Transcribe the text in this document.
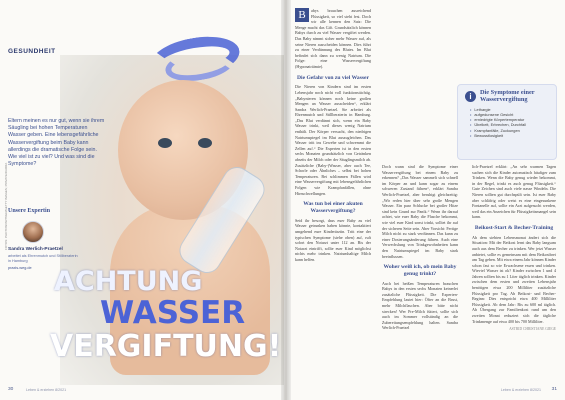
GESUNDHEIT

Eltern meinen es nur gut, wenn sie ihrem Säugling bei hohen Temperaturen Wasser geben. Eine lebensgefährliche Wasservergiftung beim Baby kann allerdings die dramatische Folge sein. Wie viel ist zu viel? Und was sind die Symptome?

Unsere Expertin
Sandra Werlich-Praetzel
arbeitet als Ehrenmutch und Stillberaterin in Hamburg
praxis-weg.de ACHTUNG
WASSER
VERGIFTUNG!
FOTOS: PHOTOSPARTNER/GETTY IMAGES; PRIVATE/DARRA
30	Leben & erziehen 8/2021
B	abys brauchen ausreichend Flüssigkeit, so viel steht fest. Doch wir alle kennen den Satz: Die Menge macht das Gift. Grundsätzlich können Babys durch zu viel Wasser vergiftet werden. Das Baby nimmt sicher mehr Wasser auf, als seine Nieren ausscheiden können. Dies führt zu einer Verdünnung des Blutes. Im Blut befindet sich dann zu wenig Natrium. Die Folge: eine Wasservergiftung (Hyponatriämie).
Die Gefahr von zu viel Wasser
Die Nieren von Kindern sind im ersten Lebensjahr noch nicht voll funktionstüchtig. „Babynieren können noch keine großen Mengen an Wasser ausscheiden“, erklärt Sandra Werlich-Praetzel. Sie arbeitet als Ehrenmutch und Stillberaterin in Hamburg. „Das Blut verdünnt sich, wenn ein Baby Wasser trinkt, weil dieses wenig Natrium enthält. Der Körper versucht, den niedrigen Natriumspiegel im Blut auszugleichen. Das Wasser tritt ins Gewebe und schwemmt die Zellen auf.“ Die Experten ist in den ersten sechs Monaten grundsätzlich von Getränken abseits der Milch oder der Säuglingsmilch ab. Zusätzliche (Baby-)Wasser, aber auch Tee, Schorle oder Ähnliches – selbst bei hohen Temperaturen. Bei schlimmen Fällen wird eine Wasservergiftung mit lebensgefährlichen Folgen wie Krampfanfällen, ohne Hirnschwellungen.
Was tun bei einer akuten Wasservergiftung?
Seid ihr besorgt, dass euer Baby zu viel Wasser getrunken haben könnte, kontaktiert umgehend eure Kinderärztin. Tritt eine der typischen Symptome (siehe oben) auf, ruft sofort den Notarzt unter 112 an. Bis der Notarzt eintrifft, sollte euer Kind möglichst nichts mehr trinken. Natriumhaltige Milch kann helfen.
Doch wann sind die Symptome einer Wasservergiftung bei einem Baby zu erkennen? „Das Wasser sammelt sich schnell im Körper an und kann sogar zu einem schweren Zustand führen“, erklärt Sandra Werlich-Praetzel, aber beruhigt gleichzeitig: „Wir reden hier über sehr große Mengen Wasser. Ein paar Schlucke bei großer Hitze sind kein Grund zur Panik.“ Wenn ihr darauf achtet, wie euer Baby die Flasche bekommt, wie viel euer Kind sonst trinkt, solltet ihr auf der sicheren Seite sein. Aber Vorsicht: Fertige Milch nicht zu stark verdünnen. Das kann zu einer Dosierungsänderung führen. Auch eine Verwechslung von Trinkgewohnheiten kann den Natriumspiegel im Baby stark beeinflussen.
Woher weiß ich, ob mein Baby genug trinkt?
Auch bei heißen Temperaturen brauchen Babys in den ersten sechs Monaten keinerlei zusätzliche Flüssigkeit. Die Experten-Empfehlung lautet hier: Öfter an die Brust, mehr Milchflaschen. Aber bitte nicht strecken! Wer Pre-Milch füttert, sollte sich auch im Sommer vollständig an die Zubereitungsempfehlung halten. Sandra Werlich-Praetzel
lich-Praetzel erklärt: „An sehr warmen Tagen suchen sich die Kinder automatisch häufiger zum Trinken. Wenn die Baby genug wieder bekommt, in der Regel, trinkt es auch genug Flüssigkeit.“ Gute Zeichen sind auch viele nasse Windeln. Die Nieren sollten gut durchspült sein. Ist euer Baby aber schläfrig oder weist es eine eingesunkene Fontanelle auf, sollte ein Arzt aufgesucht werden, weil das ein Anzeichen für Flüssigkeitsmangel sein kann.
Beikost-Start & Becher-Training
Ab dem siebten Lebensmonat ändert sich die Situation: Mit der Beikost lernt das Baby langsam auch aus dem Becher zu trinken. Wer jetzt Wasser anbietet, sollte es gemeinsam mit dem Beikostbrei am Tag geben. Mit etwa einem Jahr können Kinder schon fast so wie Erwachsene essen und trinken. Wieviel Wasser ist ok? Kinder zwischen 1 und 4 Jahren sollten bis zu 1 Liter täglich trinken. Kinder zwischen dem ersten und zweiten Lebensjahr benötigen etwa 200 Milliliter zusätzliche Flüssigkeit pro Tag. Ab Beikost- und Becher-Beginn: Dies entspricht etwa 400 Milliliter Flüssigkeit. Ab dem Jahr: Bis zu 600 ml täglich. Ab Übergang zur Familienkost rund um den zweiten Monat reduziert sich die tägliche Trinkmenge auf etwa 400 bis 700 Milliliter.
ASTRID CHRISTIANE GIEGE
i	Die Symptome einer Wasservergiftung
• Lethargie
• aufgedunsene Gesicht
• erniedrigte Körpertemperatur
• Übelkeit, Erbrechen, Durchfall
• Krampfanfälle, Zuckungen
• Bewusstlosigkeit
Leben & erziehen 8/2021 31
